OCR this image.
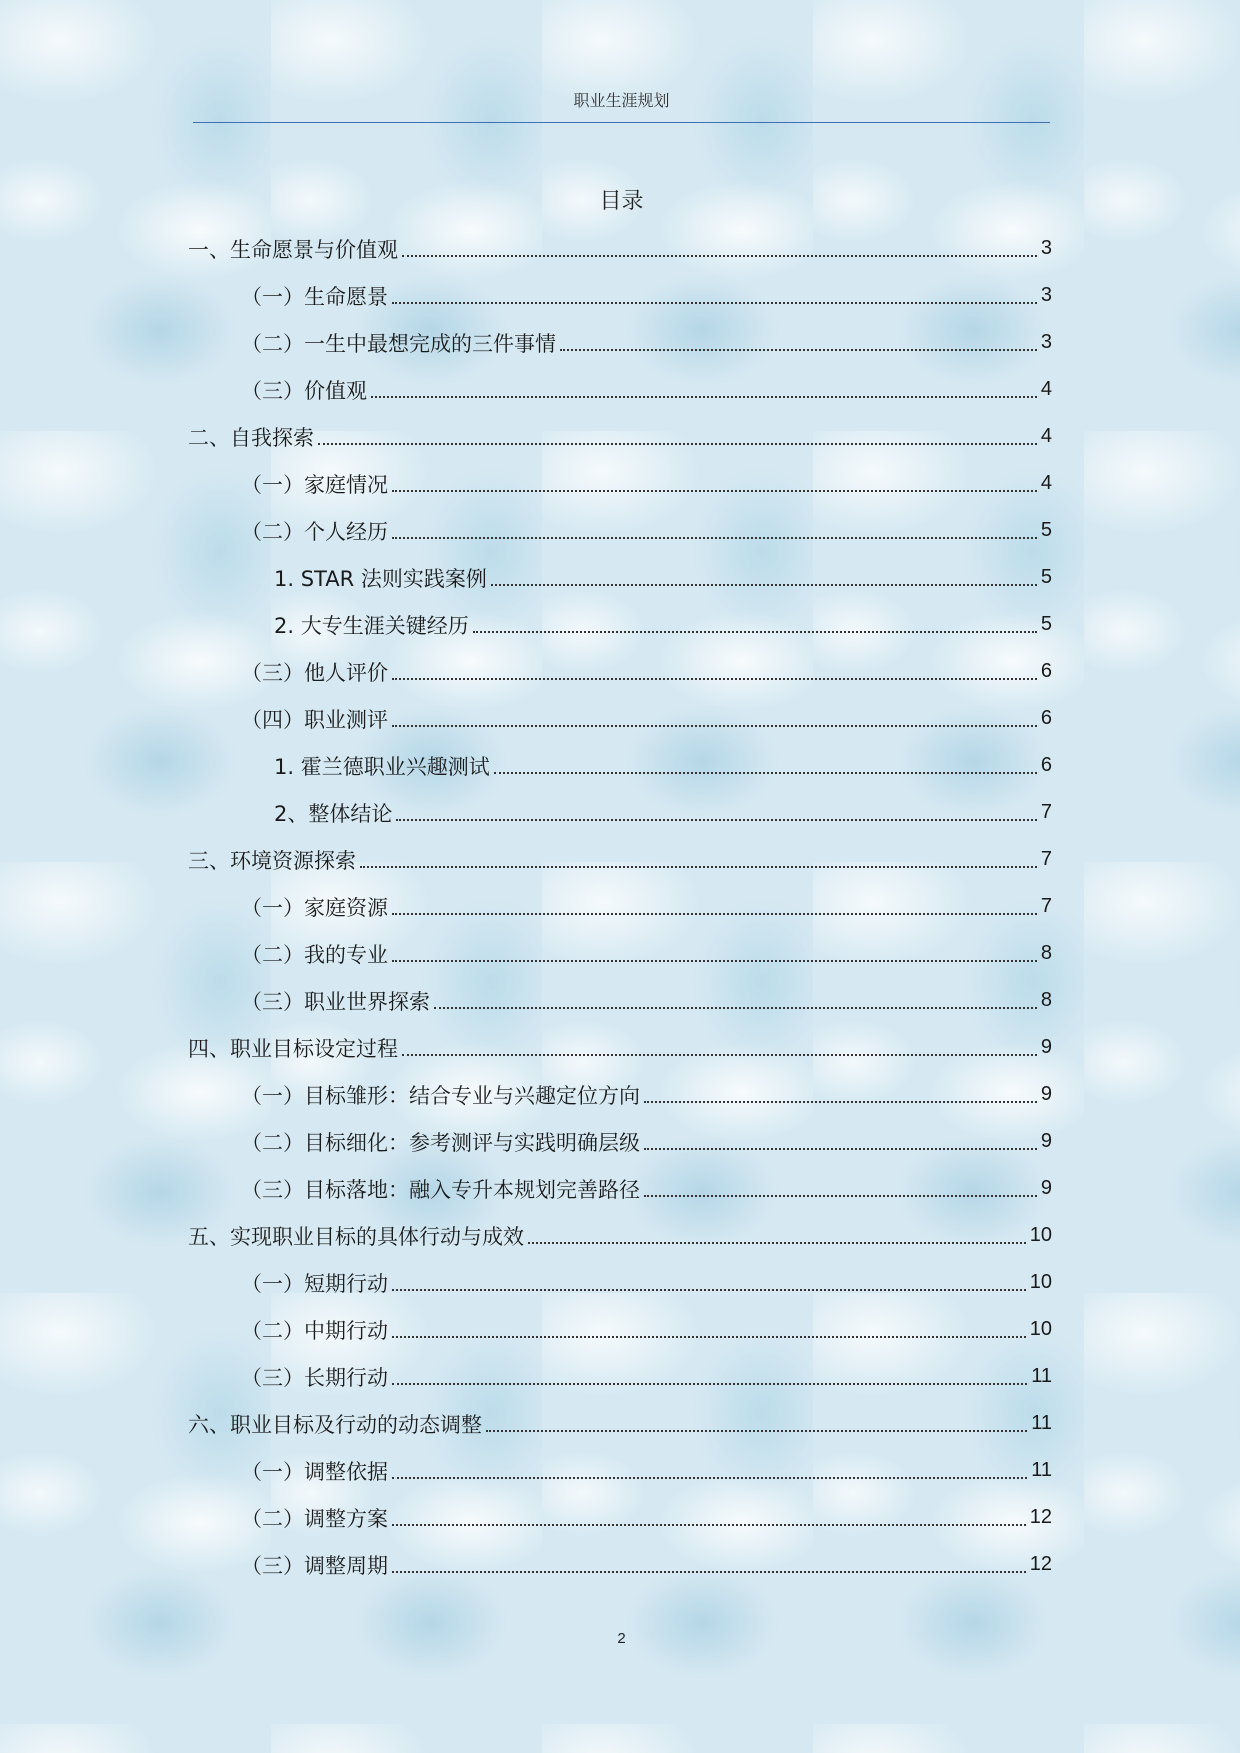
职业生涯规划
目录
一、生命愿景与价值观	3
（一）生命愿景	3
（二）一生中最想完成的三件事情	3
（三）价值观	4
二、自我探索	4
（一）家庭情况	4
（二）个人经历	5
1. STAR 法则实践案例	5
2. 大专生涯关键经历	5
（三）他人评价	6
（四）职业测评	6
1. 霍兰德职业兴趣测试	6
2、整体结论	7
三、环境资源探索	7
（一）家庭资源	7
（二）我的专业	8
（三）职业世界探索	8
四、职业目标设定过程	9
（一）目标雏形：结合专业与兴趣定位方向	9
（二）目标细化：参考测评与实践明确层级	9
（三）目标落地：融入专升本规划完善路径	9
五、实现职业目标的具体行动与成效	10
（一）短期行动	10
（二）中期行动	10
（三）长期行动	11
六、职业目标及行动的动态调整	11
（一）调整依据	11
（二）调整方案	12
（三）调整周期	12
2
